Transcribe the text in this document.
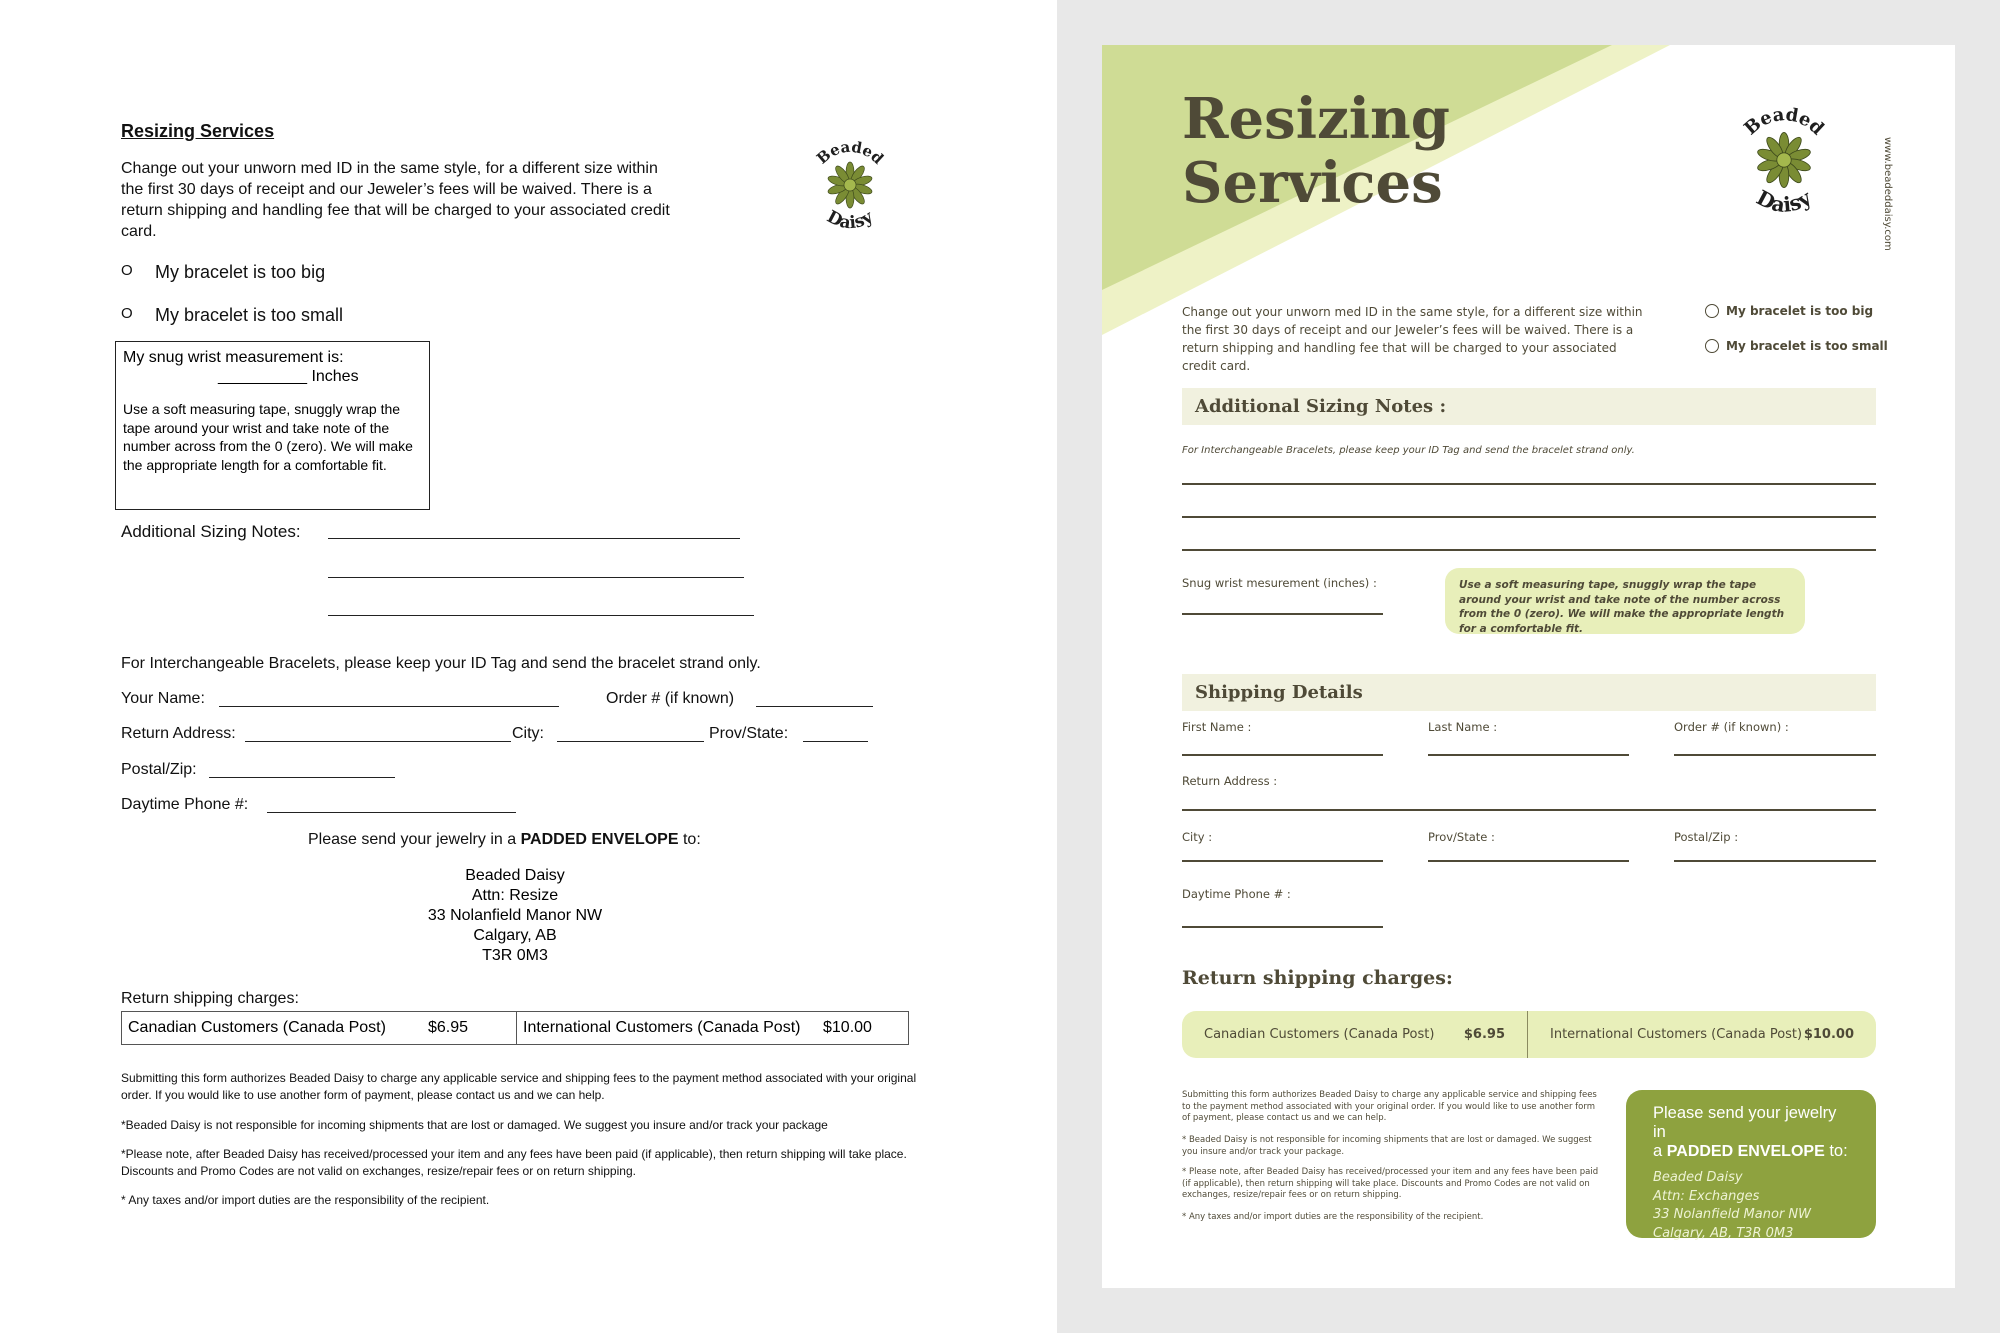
Resizing Services
Change out your unworn med ID in the same style, for a different size within the first 30 days of receipt and our Jeweler’s fees will be waived. There is a return shipping and handling fee that will be charged to your associated credit card.
Beaded
Daisy
O My bracelet is too big
O My bracelet is too small
My snug wrist measurement is:
__________ Inches
Use a soft measuring tape, snuggly wrap the tape around your wrist and take note of the number across from the 0 (zero). We will make the appropriate length for a comfortable fit.
Additional Sizing Notes:
For Interchangeable Bracelets, please keep your ID Tag and send the bracelet strand only.
Your Name:	Order # (if known)
Return Address:	City:	Prov/State:
Postal/Zip:
Daytime Phone #:
Please send your jewelry in a PADDED ENVELOPE to:
Beaded Daisy
Attn: Resize
33 Nolanfield Manor NW
Calgary, AB
T3R 0M3
Return shipping charges:
Canadian Customers (Canada Post)	$6.95	International Customers (Canada Post)	$10.00
Submitting this form authorizes Beaded Daisy to charge any applicable service and shipping fees to the payment method associated with your original order. If you would like to use another form of payment, please contact us and we can help.
*Beaded Daisy is not responsible for incoming shipments that are lost or damaged. We suggest you insure and/or track your package
*Please note, after Beaded Daisy has received/processed your item and any fees have been paid (if applicable), then return shipping will take place. Discounts and Promo Codes are not valid on exchanges, resize/repair fees or on return shipping.
* Any taxes and/or import duties are the responsibility of the recipient.
Resizing
Services
Beaded
Daisy	www.beadeddaisy.com
Change out your unworn med ID in the same style, for a different size within the first 30 days of receipt and our Jeweler’s fees will be waived. There is a return shipping and handling fee that will be charged to your associated credit card.
My bracelet is too big
My bracelet is too small
Additional Sizing Notes :
For Interchangeable Bracelets, please keep your ID Tag and send the bracelet strand only.
Snug wrist mesurement (inches) :	Use a soft measuring tape, snuggly wrap the tape around your wrist and take note of the number across from the 0 (zero). We will make the appropriate length for a comfortable fit.
Shipping Details
First Name :	Last Name :	Order # (if known) :
Return Address :
City :	Prov/State :	Postal/Zip :
Daytime Phone # :
Return shipping charges:
Canadian Customers (Canada Post) $6.95	International Customers (Canada Post) $10.00
Submitting this form authorizes Beaded Daisy to charge any applicable service and shipping fees to the payment method associated with your original order. If you would like to use another form of payment, please contact us and we can help.
* Beaded Daisy is not responsible for incoming shipments that are lost or damaged. We suggest you insure and/or track your package.
* Please note, after Beaded Daisy has received/processed your item and any fees have been paid (if applicable), then return shipping will take place. Discounts and Promo Codes are not valid on exchanges, resize/repair fees or on return shipping.
* Any taxes and/or import duties are the responsibility of the recipient.
Please send your jewelry in
a PADDED ENVELOPE to:
Beaded Daisy
Attn: Exchanges
33 Nolanfield Manor NW
Calgary, AB, T3R 0M3
